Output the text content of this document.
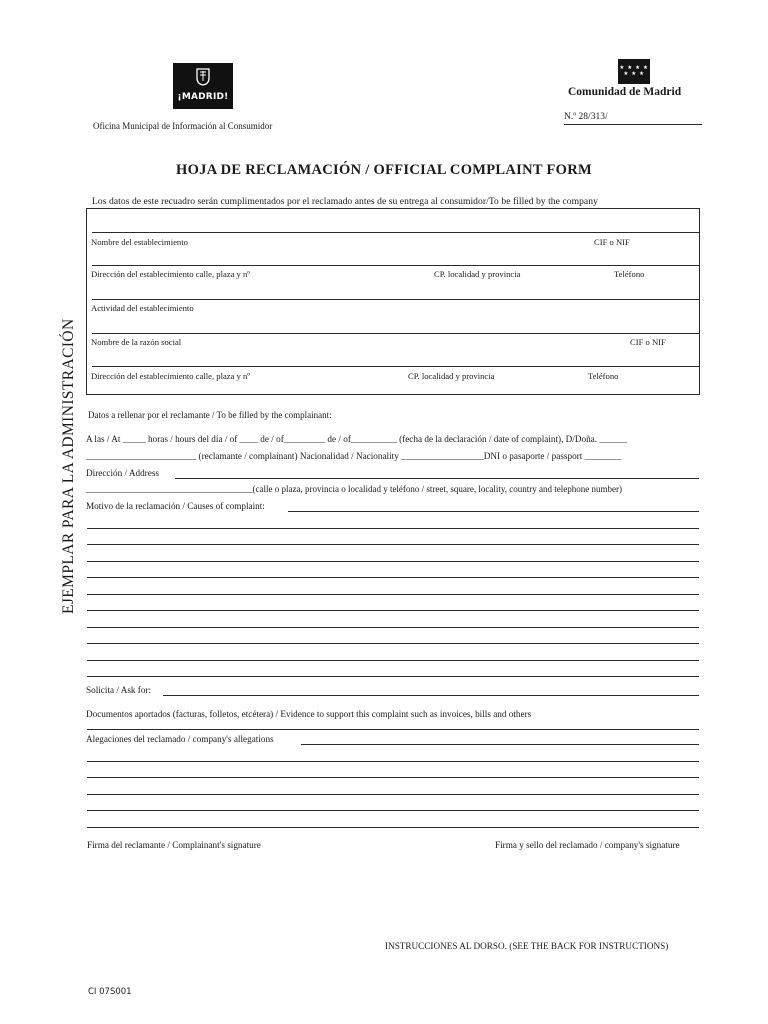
¡MADRID!
Oficina Municipal de Información al Consumidor
★ ★ ★ ★
★ ★ ★
Comunidad de Madrid
N.º 28/313/
HOJA DE RECLAMACIÓN / OFFICIAL COMPLAINT FORM
Los datos de este recuadro serán cumplimentados por el reclamado antes de su entrega al consumidor/To be filled by the company
Nombre del establecimiento	CIF o NIF
Dirección del establecimiento calle, plaza y nº	CP. localidad y provincia	Teléfono
Actividad del establecimiento
Nombre de la razón social	CIF o NIF
Dirección del establecimiento calle, plaza y nº	CP. localidad y provincia	Teléfono
EJEMPLAR PARA LA ADMINISTRACIÓN Datos a rellenar por el reclamante / To be filled by the complainant:
A las / At _____ horas / hours del día / of ____ de / of_________ de / of__________ (fecha de la declaración / date of complaint), D/Doña. ______
________________________ (reclamante / complainant) Nacionalidad / Nacionality __________________DNI o pasaporte / passport ________
Dirección / Address
_____________________________________(calle o plaza, provincia o localidad y teléfono / street, square, locality, country and telephone number)
Motivo de la reclamación / Causes of complaint:
Solicita / Ask for:
Documentos aportados (facturas, folletos, etcétera) / Evidence to support this complaint such as invoices, bills and others
Alegaciones del reclamado / company's allegations
Firma del reclamante / Complainant's signature	Firma y sello del reclamado / company's signature
INSTRUCCIONES AL DORSO. (SEE THE BACK FOR INSTRUCTIONS)
CI 07S001
